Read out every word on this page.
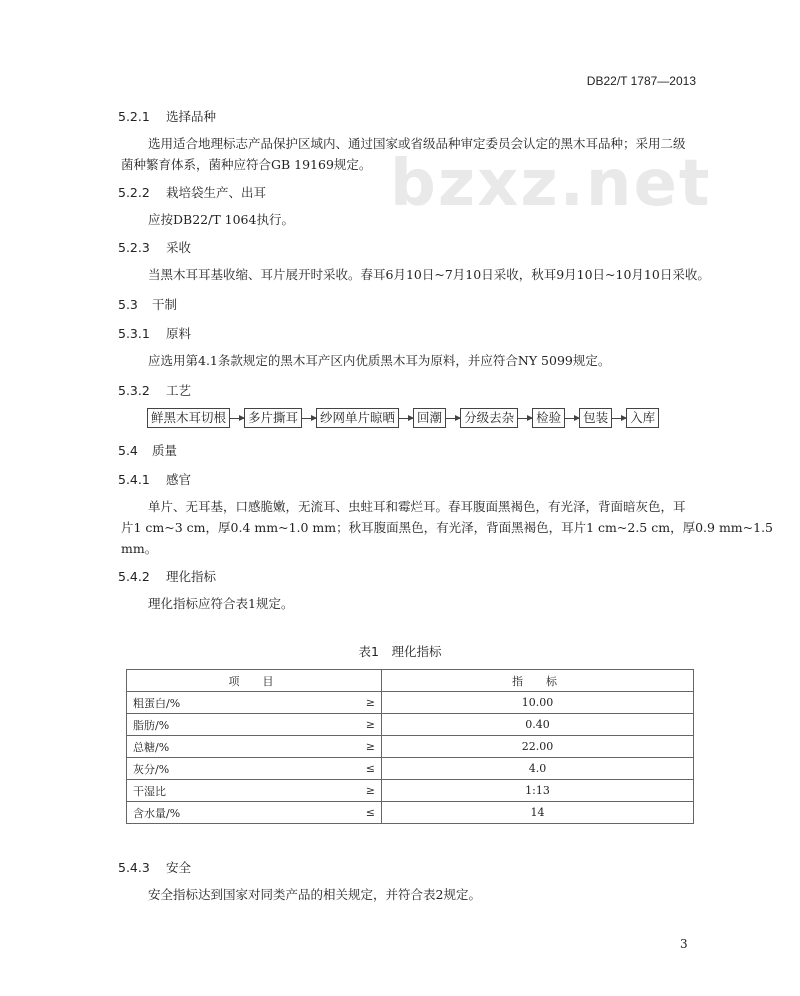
DB22/T 1787—2013
bzxz.net
5.2.1 选择品种
选用适合地理标志产品保护区域内、通过国家或省级品种审定委员会认定的黑木耳品种；采用二级
菌种繁育体系，菌种应符合GB 19169规定。
5.2.2 栽培袋生产、出耳
应按DB22/T 1064执行。
5.2.3 采收
当黑木耳耳基收缩、耳片展开时采收。春耳6月10日~7月10日采收，秋耳9月10日~10月10日采收。
5.3 干制
5.3.1 原料
应选用第4.1条款规定的黑木耳产区内优质黑木耳为原料，并应符合NY 5099规定。
5.3.2 工艺
鲜黑木耳切根	多片撕耳	纱网单片晾晒	回潮	分级去杂	检验	包装	入库
5.4 质量
5.4.1 感官
单片、无耳基，口感脆嫩，无流耳、虫蛀耳和霉烂耳。春耳腹面黑褐色，有光泽，背面暗灰色，耳
片1 cm~3 cm，厚0.4 mm~1.0 mm；秋耳腹面黑色，有光泽，背面黑褐色，耳片1 cm~2.5 cm，厚0.9 mm~1.5
mm。
5.4.2 理化指标
理化指标应符合表1规定。
表1　理化指标
项　目		指　标
粗蛋白/%	≥	10.00
脂肪/%	≥	0.40
总糖/%	≥	22.00
灰分/%	≤	4.0
干湿比	≥	1:13
含水量/%	≤	14
5.4.3 安全
安全指标达到国家对同类产品的相关规定，并符合表2规定。
3
